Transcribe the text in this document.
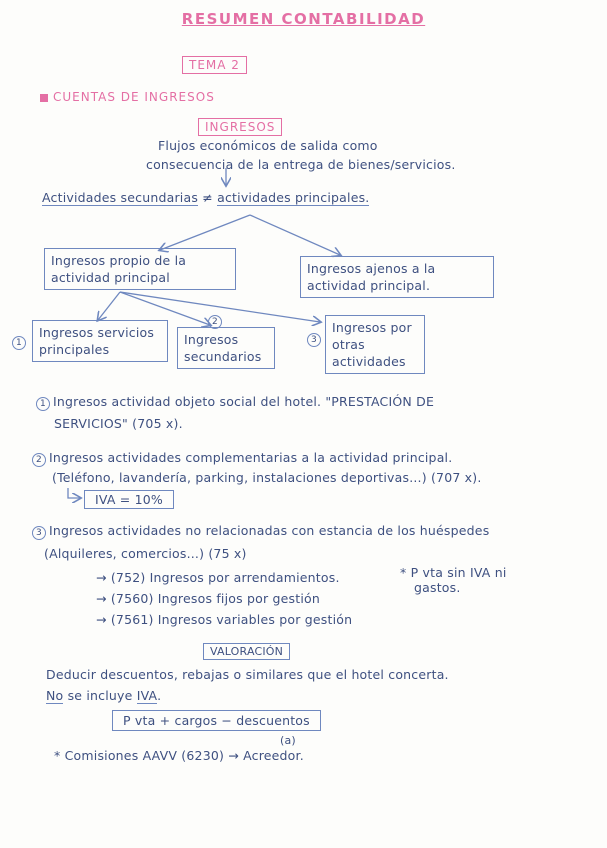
RESUMEN CONTABILIDAD
TEMA 2
CUENTAS DE INGRESOS
INGRESOS
Flujos económicos de salida como
consecuencia de la entrega de bienes/servicios.
Actividades secundarias ≠ actividades principales.
Ingresos propio de la actividad principal
Ingresos ajenos a la actividad principal.
1
Ingresos servicios principales
2
Ingresos secundarios
3
Ingresos por otras actividades
1 Ingresos actividad objeto social del hotel. "PRESTACIÓN DE
SERVICIOS" (705 x).
2 Ingresos actividades complementarias a la actividad principal.
(Teléfono, lavandería, parking, instalaciones deportivas...) (707 x).
IVA = 10%
3 Ingresos actividades no relacionadas con estancia de los huéspedes
(Alquileres, comercios...) (75 x)
→ (752) Ingresos por arrendamientos.
→ (7560) Ingresos fijos por gestión
→ (7561) Ingresos variables por gestión
* P vta sin IVA ni
gastos.
VALORACIÓN
Deducir descuentos, rebajas o similares que el hotel concerta.
No se incluye IVA.
P vta + cargos − descuentos
(a)
* Comisiones AAVV (6230) → Acreedor.
